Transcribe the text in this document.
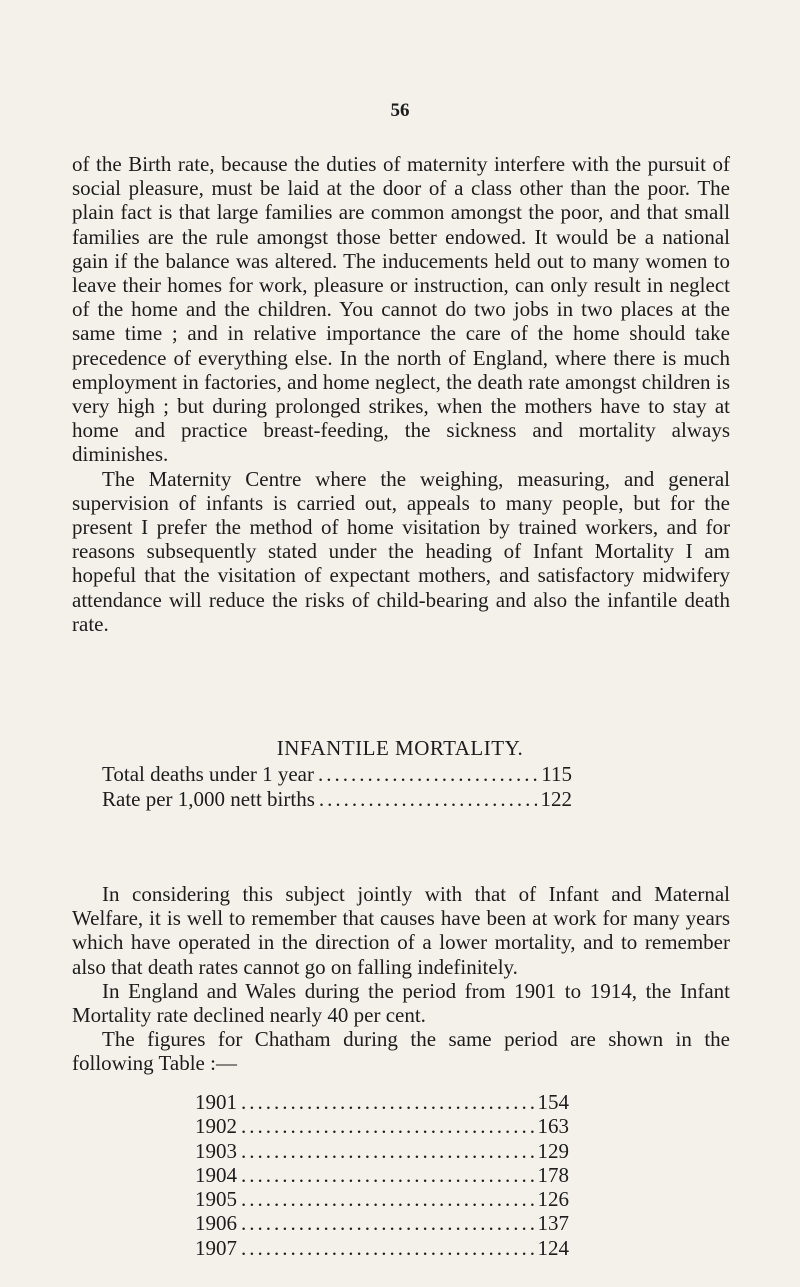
56

of the Birth rate, because the duties of maternity interfere with the pursuit of social pleasure, must be laid at the door of a class other than the poor. The plain fact is that large families are common amongst the poor, and that small families are the rule amongst those better endowed. It would be a national gain if the balance was altered. The inducements held out to many women to leave their homes for work, pleasure or instruction, can only result in neglect of the home and the children. You cannot do two jobs in two places at the same time ; and in relative importance the care of the home should take precedence of everything else. In the north of England, where there is much employment in factories, and home neglect, the death rate amongst children is very high ; but during prolonged strikes, when the mothers have to stay at home and practice breast-feeding, the sickness and mortality always diminishes.

The Maternity Centre where the weighing, measuring, and general supervision of infants is carried out, appeals to many people, but for the present I prefer the method of home visitation by trained workers, and for reasons subsequently stated under the heading of Infant Mortality I am hopeful that the visitation of expectant mothers, and satisfactory midwifery attendance will reduce the risks of child-bearing and also the infantile death rate.

INFANTILE MORTALITY.
Total deaths under 1 year .....	115
Rate per 1,000 nett births .....	122

In considering this subject jointly with that of Infant and Maternal Welfare, it is well to remember that causes have been at work for many years which have operated in the direction of a lower mortality, and to remember also that death rates cannot go on falling indefinitely.

In England and Wales during the period from 1901 to 1914, the Infant Mortality rate declined nearly 40 per cent.

The figures for Chatham during the same period are shown in the following Table :—

1901 .....	154
1902 .....	163
1903 .....	129
1904 .....	178
1905 .....	126
1906 .....	137
1907 .....	124
